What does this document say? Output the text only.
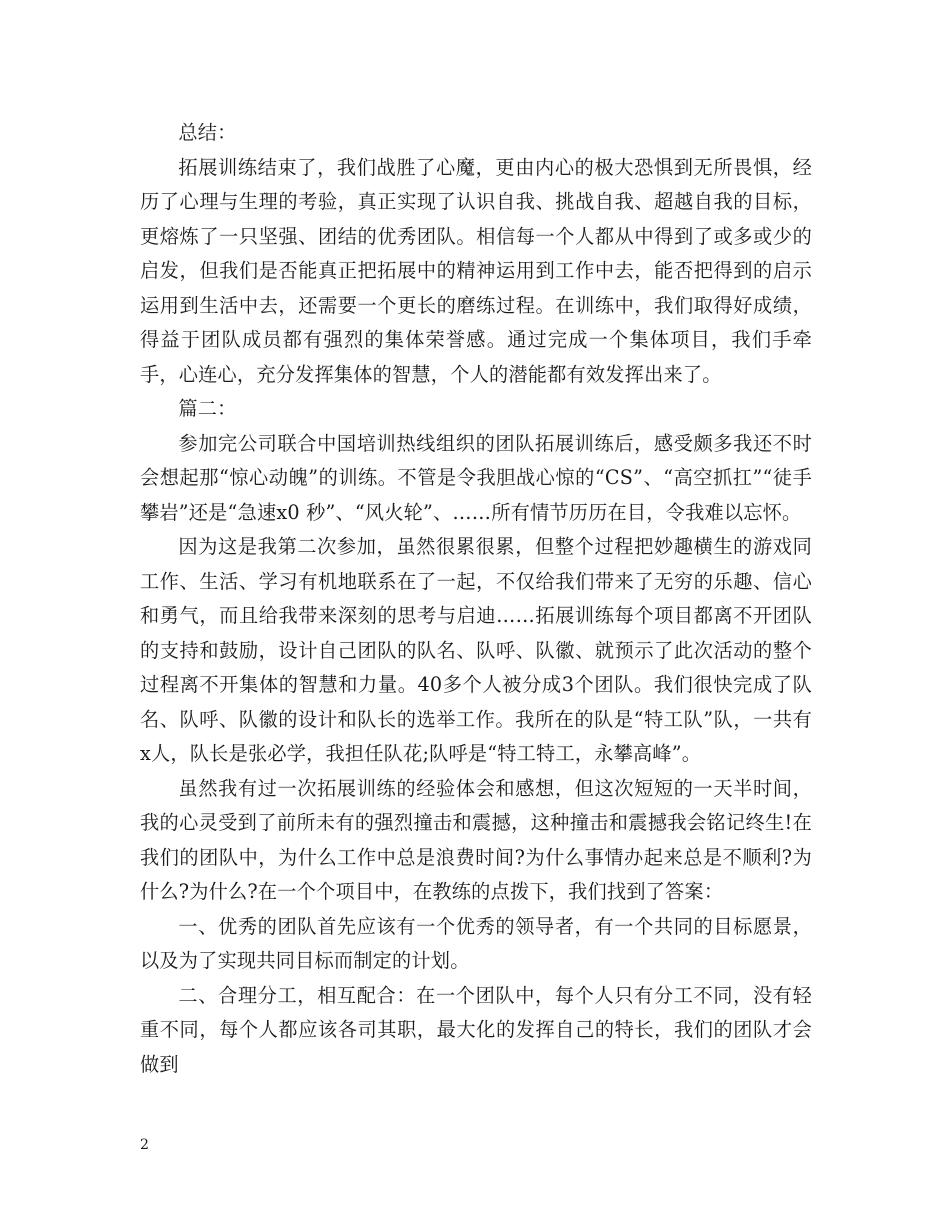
总结：

拓展训练结束了，我们战胜了心魔，更由内心的极大恐惧到无所畏惧，经历了心理与生理的考验，真正实现了认识自我、挑战自我、超越自我的目标，更熔炼了一只坚强、团结的优秀团队。相信每一个人都从中得到了或多或少的启发，但我们是否能真正把拓展中的精神运用到工作中去，能否把得到的启示运用到生活中去，还需要一个更长的磨练过程。在训练中，我们取得好成绩，得益于团队成员都有强烈的集体荣誉感。通过完成一个集体项目，我们手牵手，心连心，充分发挥集体的智慧，个人的潜能都有效发挥出来了。

篇二：

参加完公司联合中国培训热线组织的团队拓展训练后，感受颇多我还不时会想起那“惊心动魄”的训练。不管是令我胆战心惊的“CS”、“高空抓扛”“徒手攀岩”还是“急速x0 秒”、“风火轮”、……所有情节历历在目，令我难以忘怀。

因为这是我第二次参加，虽然很累很累，但整个过程把妙趣横生的游戏同工作、生活、学习有机地联系在了一起，不仅给我们带来了无穷的乐趣、信心和勇气，而且给我带来深刻的思考与启迪……拓展训练每个项目都离不开团队的支持和鼓励，设计自己团队的队名、队呼、队徽、就预示了此次活动的整个过程离不开集体的智慧和力量。40多个人被分成3个团队。我们很快完成了队名、队呼、队徽的设计和队长的选举工作。我所在的队是“特工队”队，一共有 x人，队长是张必学，我担任队花;队呼是“特工特工，永攀高峰”。

虽然我有过一次拓展训练的经验体会和感想，但这次短短的一天半时间，我的心灵受到了前所未有的强烈撞击和震撼，这种撞击和震撼我会铭记终生!在我们的团队中，为什么工作中总是浪费时间?为什么事情办起来总是不顺利?为什么?为什么?在一个个项目中，在教练的点拨下，我们找到了答案：

一、优秀的团队首先应该有一个优秀的领导者，有一个共同的目标愿景，以及为了实现共同目标而制定的计划。

二、合理分工，相互配合：在一个团队中，每个人只有分工不同，没有轻重不同，每个人都应该各司其职，最大化的发挥自己的特长，我们的团队才会做到

2
